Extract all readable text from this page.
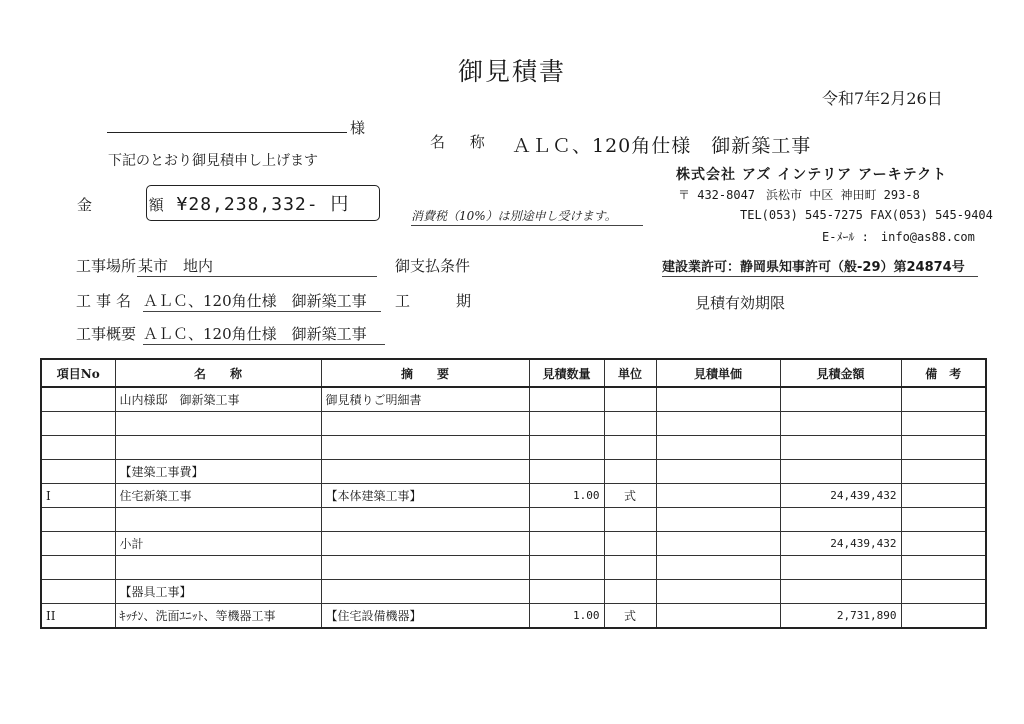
御見積書
令和7年2月26日
様
下記のとおり御見積申し上げます
名 称 ＡＬＣ、120角仕様　御新築工事
株式会社 アズ インテリア アーキテクト
〒 432-8047 浜松市 中区 神田町 293-8
TEL(053) 545-7275 FAX(053) 545-9404
E-ﾒｰﾙ :　info@as88.com
金 額
¥28,238,332- 円
消費税（10%）は別途申し受けます。
工事場所 某市　地内	御支払条件	建設業許可：静岡県知事許可（般-29）第24874号
工事名 ＡＬＣ、120角仕様　御新築工事 工期	見積有効期限
工事概要 ＡＬＣ、120角仕様　御新築工事
項目No	名　　称	摘　　要	見積数量	単位	見積単価	見積金額	備　考
	山内様邸　御新築工事	御見積りご明細書					

	【建築工事費】						
I	住宅新築工事	【本体建築工事】	1.00	式		24,439,432	

	小計					24,439,432	

	【器具工事】						
II	ｷｯﾁﾝ、洗面ﾕﾆｯﾄ、等機器工事	【住宅設備機器】	1.00	式		2,731,890	
